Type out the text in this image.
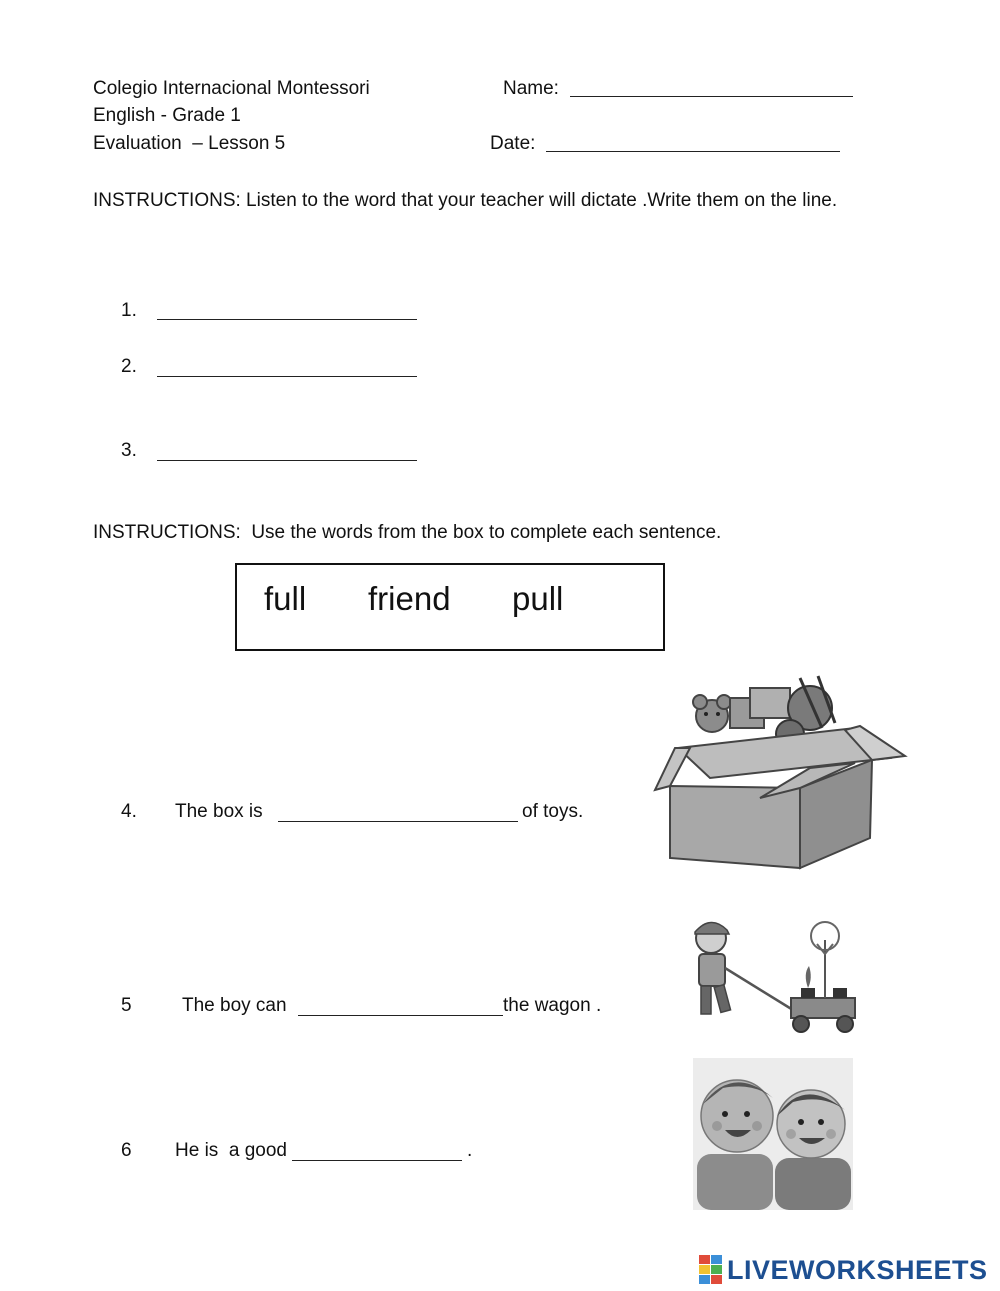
Colegio Internacional Montessori
English - Grade 1
Evaluation  – Lesson 5
Name:
Date:
INSTRUCTIONS: Listen to the word that your teacher will dictate .Write them on the line.
1.
2.
3.
INSTRUCTIONS:  Use the words from the box to complete each sentence.
full friend pull
4. The box is	of toys.
5	The boy can	the wagon .
6 He is  a good	.
LIVEWORKSHEETS
